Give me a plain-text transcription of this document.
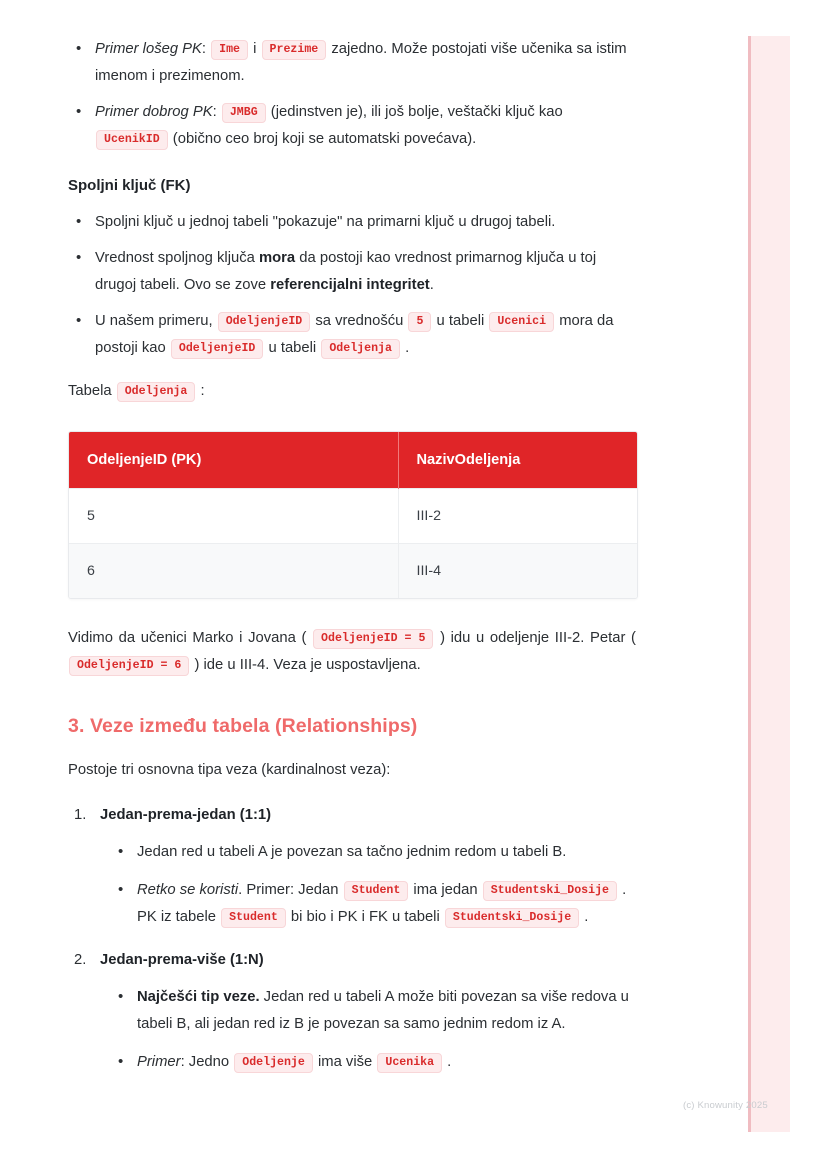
• Primer lošeg PK: Ime i Prezime zajedno. Može postojati više učenika sa istim imenom i prezimenom.
• Primer dobrog PK: JMBG (jedinstven je), ili još bolje, veštački ključ kao UcenikID (obično ceo broj koji se automatski povećava).
Spoljni ključ (FK)
• Spoljni ključ u jednoj tabeli "pokazuje" na primarni ključ u drugoj tabeli.
• Vrednost spoljnog ključa mora da postoji kao vrednost primarnog ključa u toj drugoj tabeli. Ovo se zove referencijalni integritet.
• U našem primeru, OdeljenjeID sa vrednošću 5 u tabeli Ucenici mora da postoji kao OdeljenjeID u tabeli Odeljenja .

Tabela Odeljenja :

OdeljenjeID (PK)	NazivOdeljenja
5	III-2
6	III-4

Vidimo da učenici Marko i Jovana ( OdeljenjeID = 5 ) idu u odeljenje III-2. Petar ( OdeljenjeID = 6 ) ide u III-4. Veza je uspostavljena.

3. Veze između tabela (Relationships)

Postoje tri osnovna tipa veza (kardinalnost veza):

1. Jedan-prema-jedan (1:1)
• Jedan red u tabeli A je povezan sa tačno jednim redom u tabeli B.
• Retko se koristi. Primer: Jedan Student ima jedan Studentski_Dosije . PK iz tabele Student bi bio i PK i FK u tabeli Studentski_Dosije .
2. Jedan-prema-više (1:N)
• Najčešći tip veze. Jedan red u tabeli A može biti povezan sa više redova u tabeli B, ali jedan red iz B je povezan sa samo jednim redom iz A.
• Primer: Jedno Odeljenje ima više Ucenika .
(c) Knowunity 2025
